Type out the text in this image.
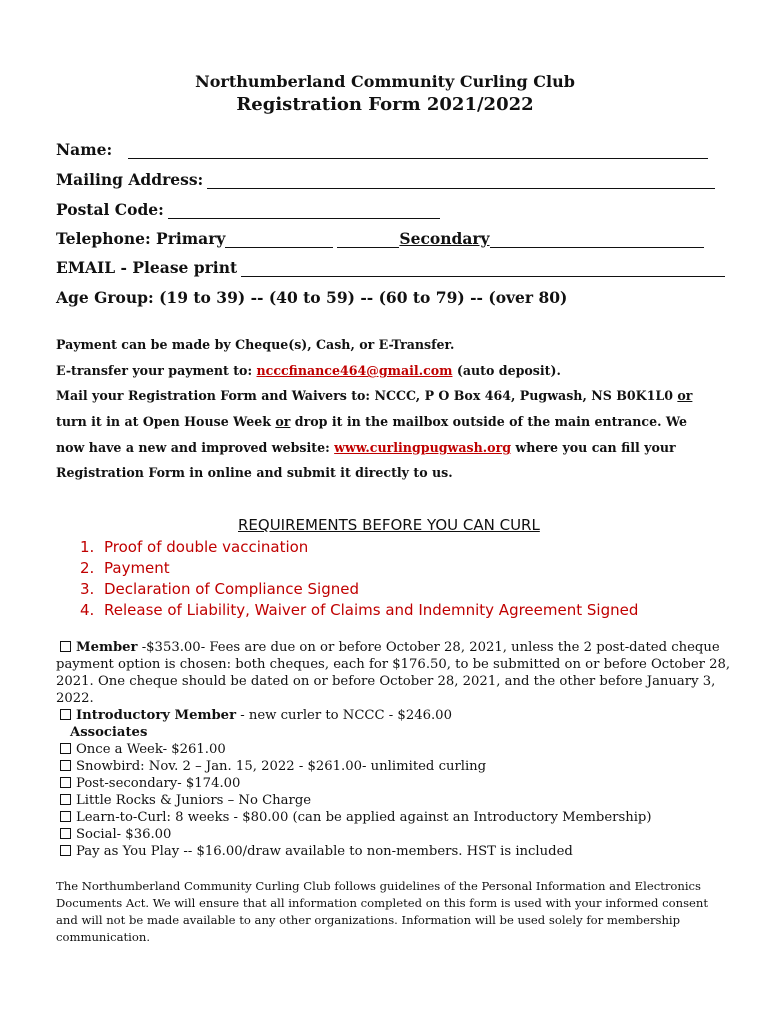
Northumberland Community Curling Club
Registration Form 2021/2022
Name:
Mailing Address:
Postal Code:
Telephone: Primary	Secondary
EMAIL - Please print
Age Group: (19 to 39) -- (40 to 59) -- (60 to 79) -- (over 80)
Payment can be made by Cheque(s), Cash, or E-Transfer.
E-transfer your payment to: ncccfinance464@gmail.com (auto deposit).
Mail your Registration Form and Waivers to: NCCC, P O Box 464, Pugwash, NS B0K1L0 or
turn it in at Open House Week or drop it in the mailbox outside of the main entrance. We
now have a new and improved website: www.curlingpugwash.org where you can fill your
Registration Form in online and submit it directly to us.
REQUIREMENTS BEFORE YOU CAN CURL
1. Proof of double vaccination
2. Payment
3. Declaration of Compliance Signed
4. Release of Liability, Waiver of Claims and Indemnity Agreement Signed
Member -$353.00- Fees are due on or before October 28, 2021, unless the 2 post-dated cheque
payment option is chosen: both cheques, each for $176.50, to be submitted on or before October 28,
2021. One cheque should be dated on or before October 28, 2021, and the other before January 3,
2022.
Introductory Member - new curler to NCCC - $246.00
Associates
Once a Week- $261.00
Snowbird: Nov. 2 – Jan. 15, 2022 - $261.00- unlimited curling
Post-secondary- $174.00
Little Rocks & Juniors – No Charge
Learn-to-Curl: 8 weeks - $80.00 (can be applied against an Introductory Membership)
Social- $36.00
Pay as You Play -- $16.00/draw available to non-members. HST is included
The Northumberland Community Curling Club follows guidelines of the Personal Information and Electronics Documents Act. We will ensure that all information completed on this form is used with your informed consent and will not be made available to any other organizations. Information will be used solely for membership communication.
